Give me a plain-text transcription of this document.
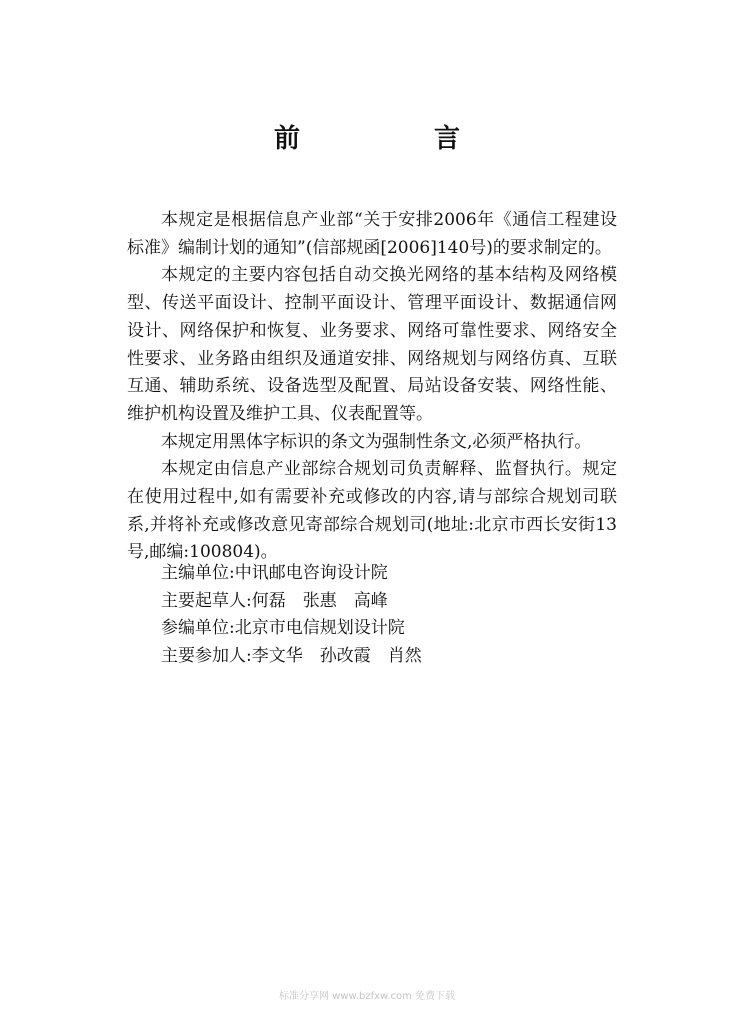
前　言

本规定是根据信息产业部“关于安排2006年《通信工程建设标准》编制计划的通知”(信部规函[2006]140号)的要求制定的。

本规定的主要内容包括自动交换光网络的基本结构及网络模型、传送平面设计、控制平面设计、管理平面设计、数据通信网设计、网络保护和恢复、业务要求、网络可靠性要求、网络安全性要求、业务路由组织及通道安排、网络规划与网络仿真、互联互通、辅助系统、设备选型及配置、局站设备安装、网络性能、维护机构设置及维护工具、仪表配置等。

本规定用黑体字标识的条文为强制性条文,必须严格执行。

本规定由信息产业部综合规划司负责解释、监督执行。规定在使用过程中,如有需要补充或修改的内容,请与部综合规划司联系,并将补充或修改意见寄部综合规划司(地址:北京市西长安街13号,邮编:100804)。

主编单位:中讯邮电咨询设计院
主要起草人:何磊　张惠　高峰
参编单位:北京市电信规划设计院
主要参加人:李文华　孙改霞　肖然
标准分享网 www.bzfxw.com 免费下载
